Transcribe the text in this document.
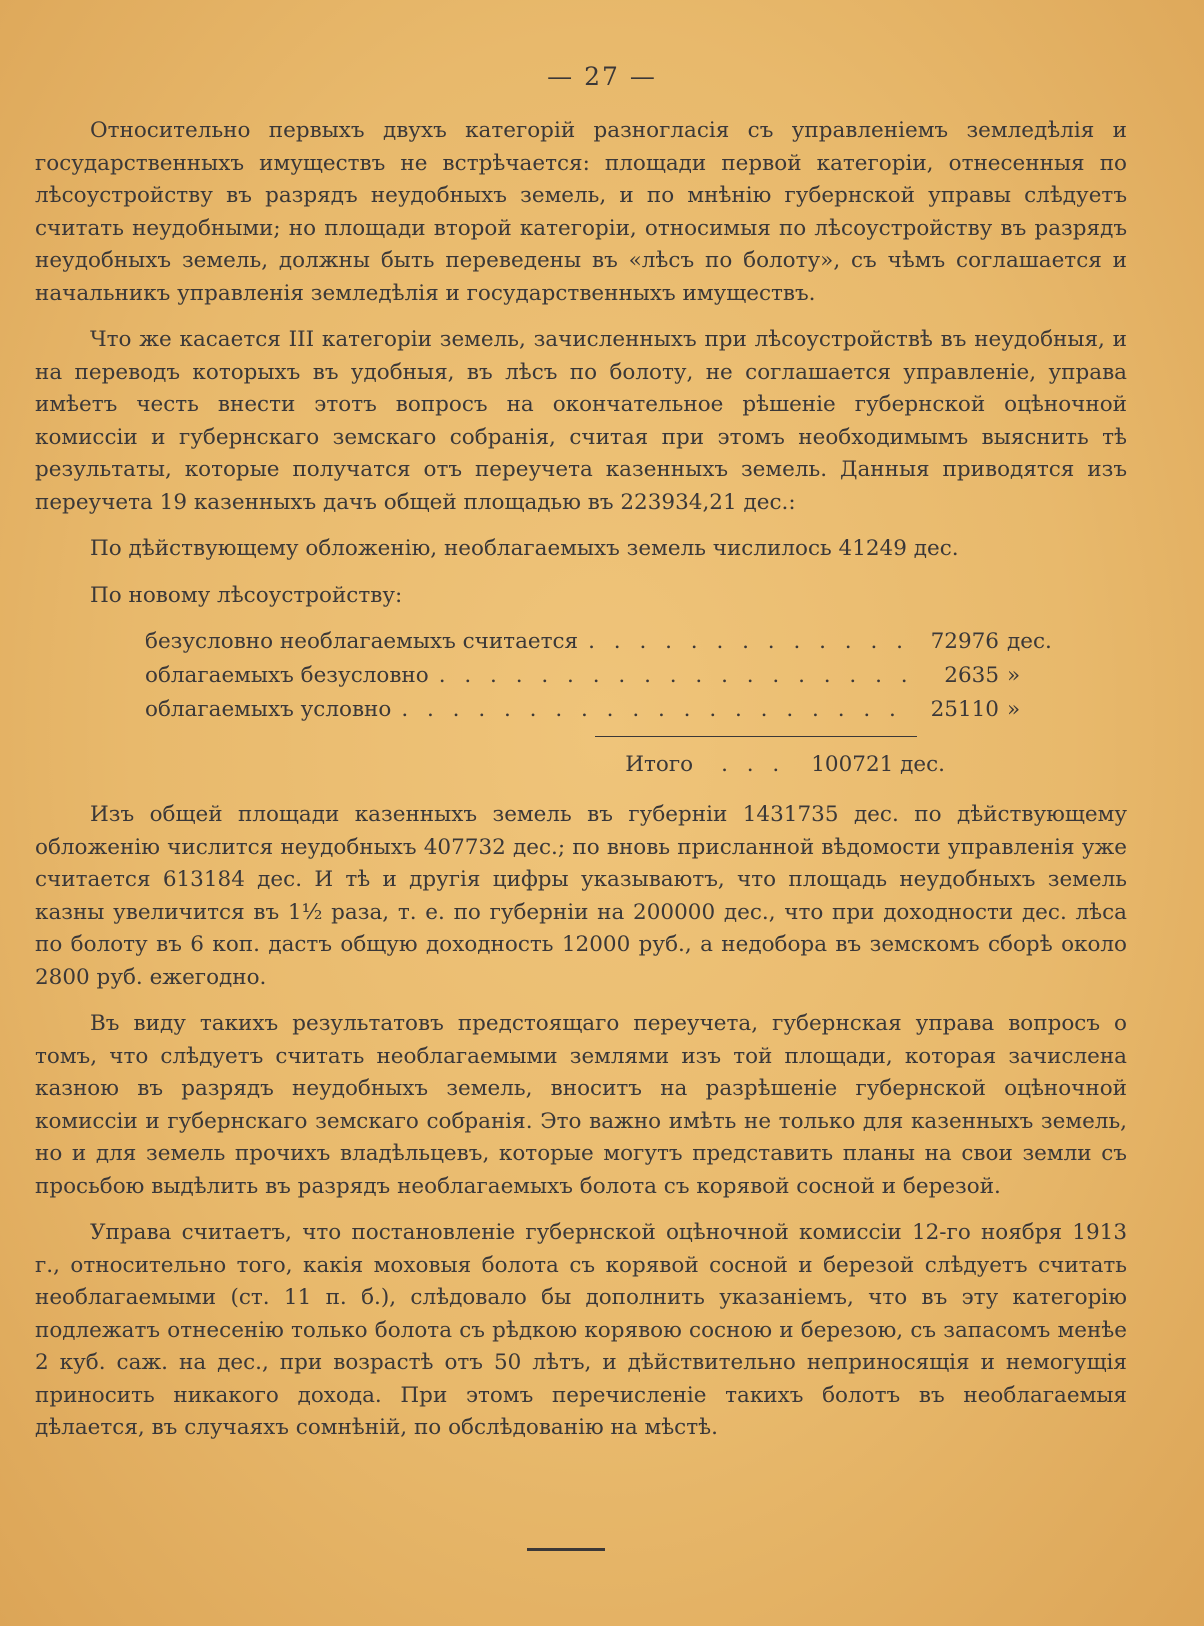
— 27 —

Относительно первыхъ двухъ категорій разногласія съ управленіемъ земледѣлія и государственныхъ имуществъ не встрѣчается: площади первой категоріи, отнесенныя по лѣсоустройству въ разрядъ неудобныхъ земель, и по мнѣнію губернской управы слѣдуетъ считать неудобными; но площади второй категоріи, относимыя по лѣсоустройству въ разрядъ неудобныхъ земель, должны быть переведены въ «лѣсъ по болоту», съ чѣмъ соглашается и начальникъ управленія земледѣлія и государственныхъ имуществъ.

Что же касается III категоріи земель, зачисленныхъ при лѣсоустройствѣ въ неудобныя, и на переводъ которыхъ въ удобныя, въ лѣсъ по болоту, не соглашается управленіе, управа имѣетъ честь внести этотъ вопросъ на окончательное рѣшеніе губернской оцѣночной комиссіи и губернскаго земскаго собранія, считая при этомъ необходимымъ выяснить тѣ результаты, которые получатся отъ переучета казенныхъ земель. Данныя приводятся изъ переучета 19 казенныхъ дачъ общей площадью въ 223934,21 дес.:

По дѣйствующему обложенію, необлагаемыхъ земель числилось 41249 дес.
По новому лѣсоустройству:
безусловно необлагаемыхъ считается . . .	72976 дес.
облагаемыхъ безусловно . . .	2635 »
облагаемыхъ условно . . .	25110 »
Итого . . . 100721 дес.

Изъ общей площади казенныхъ земель въ губерніи 1431735 дес. по дѣйствующему обложенію числится неудобныхъ 407732 дес.; по вновь присланной вѣдомости управленія уже считается 613184 дес. И тѣ и другія цифры указываютъ, что площадь неудобныхъ земель казны увеличится въ 1½ раза, т. е. по губерніи на 200000 дес., что при доходности дес. лѣса по болоту въ 6 коп. дастъ общую доходность 12000 руб., а недобора въ земскомъ сборѣ около 2800 руб. ежегодно.

Въ виду такихъ результатовъ предстоящаго переучета, губернская управа вопросъ о томъ, что слѣдуетъ считать необлагаемыми землями изъ той площади, которая зачислена казною въ разрядъ неудобныхъ земель, вноситъ на разрѣшеніе губернской оцѣночной комиссіи и губернскаго земскаго собранія. Это важно имѣть не только для казенныхъ земель, но и для земель прочихъ владѣльцевъ, которые могутъ представить планы на свои земли съ просьбою выдѣлить въ разрядъ необлагаемыхъ болота съ корявой сосной и березой.

Управа считаетъ, что постановленіе губернской оцѣночной комиссіи 12-го ноября 1913 г., относительно того, какія моховыя болота съ корявой сосной и березой слѣдуетъ считать необлагаемыми (ст. 11 п. б.), слѣдовало бы дополнить указаніемъ, что въ эту категорію подлежатъ отнесенію только болота съ рѣдкою корявою сосною и березою, съ запасомъ менѣе 2 куб. саж. на дес., при возрастѣ отъ 50 лѣтъ, и дѣйствительно неприносящія и немогущія приносить никакого дохода. При этомъ перечисленіе такихъ болотъ въ необлагаемыя дѣлается, въ случаяхъ сомнѣній, по обслѣдованію на мѣстѣ.
